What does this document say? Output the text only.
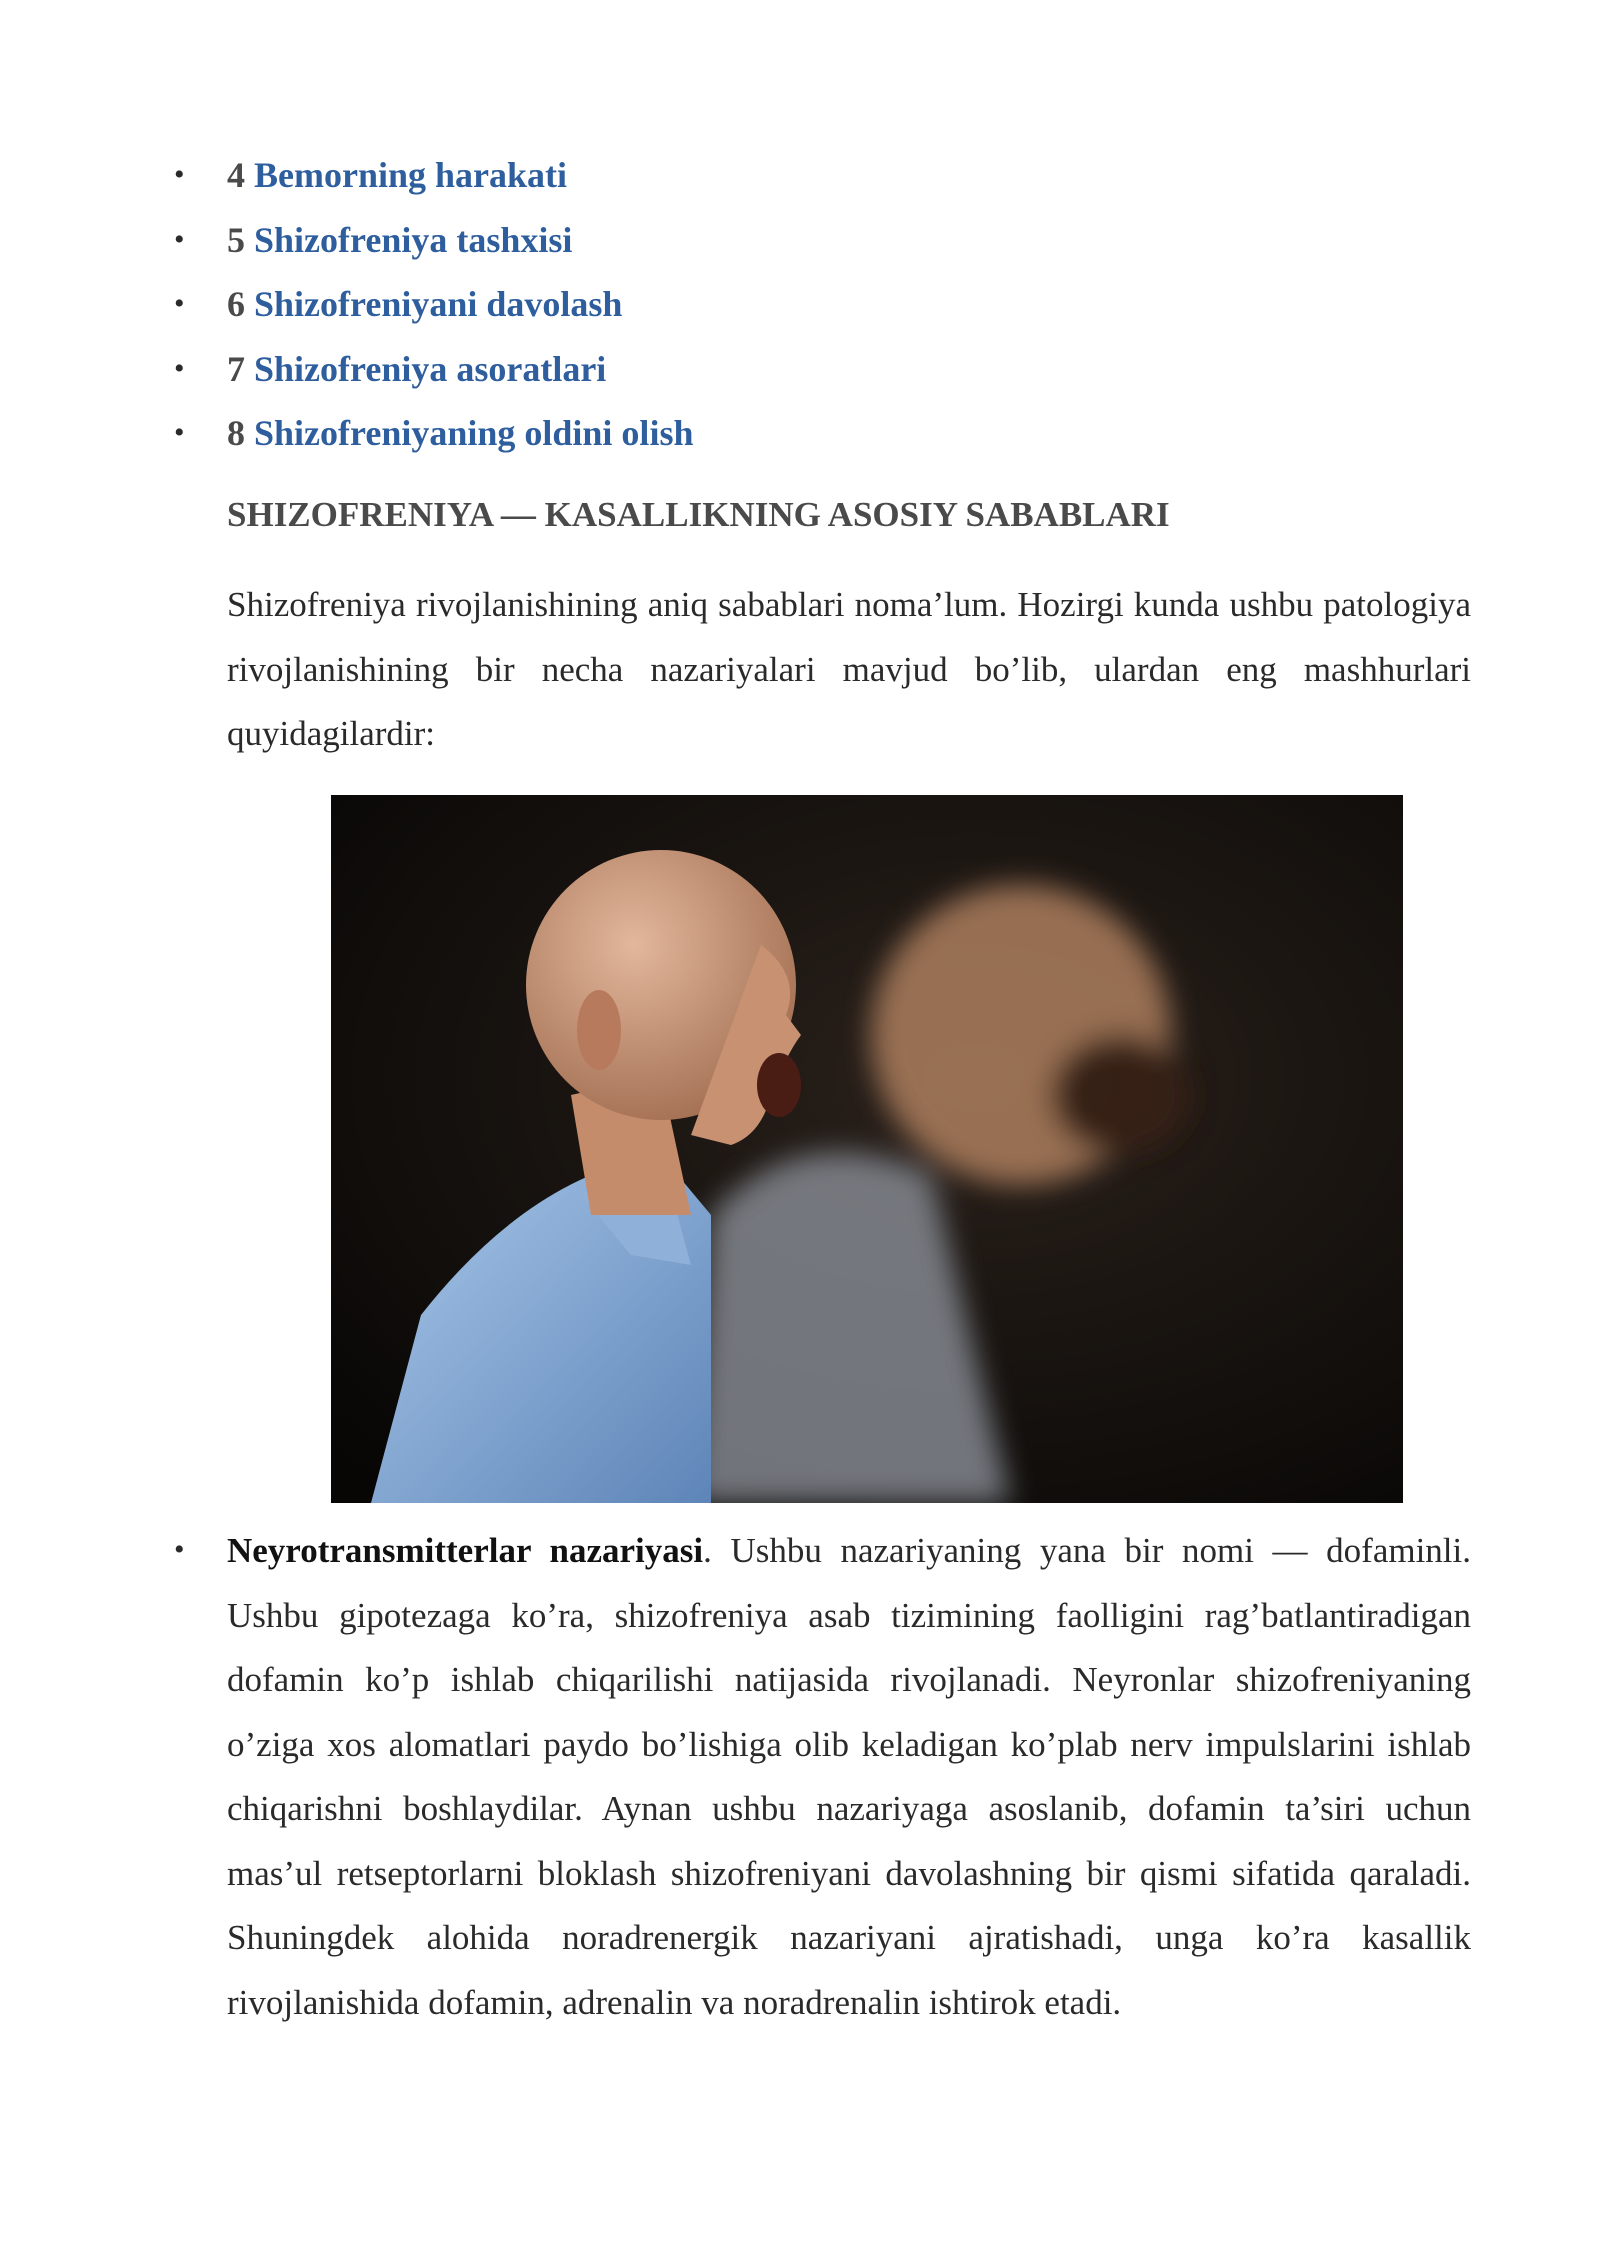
• 4 Bemorning harakati
• 5 Shizofreniya tashxisi
• 6 Shizofreniyani davolash
• 7 Shizofreniya asoratlari
• 8 Shizofreniyaning oldini olish
SHIZOFRENIYA — KASALLIKNING ASOSIY SABABLARI

Shizofreniya rivojlanishining aniq sabablari noma’lum. Hozirgi kunda ushbu patologiya rivojlanishining bir necha nazariyalari mavjud bo’lib, ulardan eng mashhurlari quyidagilardir:

• Neyrotransmitterlar nazariyasi. Ushbu nazariyaning yana bir nomi — dofaminli. Ushbu gipotezaga ko’ra, shizofreniya asab tizimining faolligini rag’batlantiradigan dofamin ko’p ishlab chiqarilishi natijasida rivojlanadi. Neyronlar shizofreniyaning o’ziga xos alomatlari paydo bo’lishiga olib keladigan ko’plab nerv impulslarini ishlab chiqarishni boshlaydilar. Aynan ushbu nazariyaga asoslanib, dofamin ta’siri uchun mas’ul retseptorlarni bloklash shizofreniyani davolashning bir qismi sifatida qaraladi. Shuningdek alohida noradrenergik nazariyani ajratishadi, unga ko’ra kasallik rivojlanishida dofamin, adrenalin va noradrenalin ishtirok etadi.
